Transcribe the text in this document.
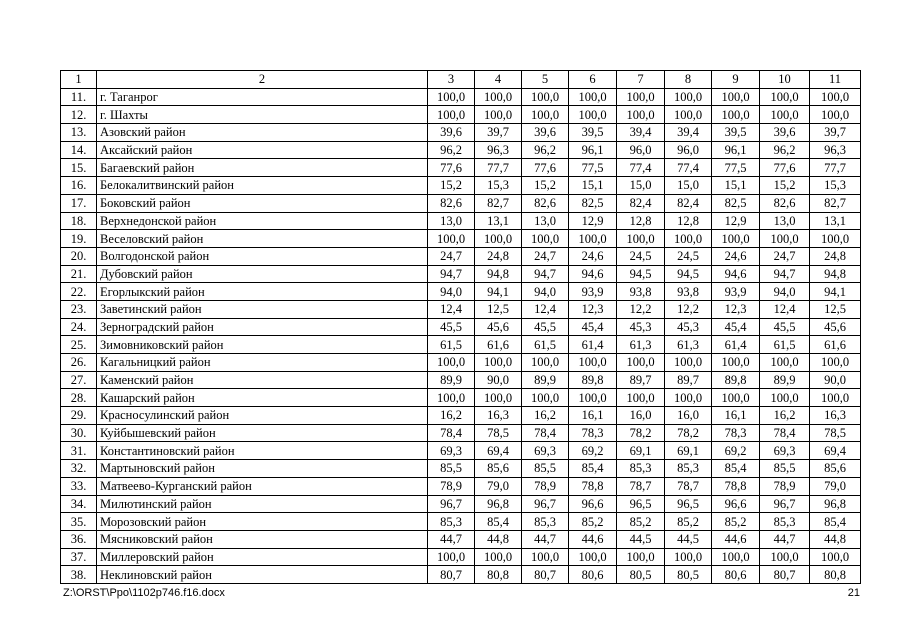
1	2	3	4	5	6	7	8	9	10	11
11.	г. Таганрог	100,0	100,0	100,0	100,0	100,0	100,0	100,0	100,0	100,0
12.	г. Шахты	100,0	100,0	100,0	100,0	100,0	100,0	100,0	100,0	100,0
13.	Азовский район	39,6	39,7	39,6	39,5	39,4	39,4	39,5	39,6	39,7
14.	Аксайский район	96,2	96,3	96,2	96,1	96,0	96,0	96,1	96,2	96,3
15.	Багаевский район	77,6	77,7	77,6	77,5	77,4	77,4	77,5	77,6	77,7
16.	Белокалитвинский район	15,2	15,3	15,2	15,1	15,0	15,0	15,1	15,2	15,3
17.	Боковский район	82,6	82,7	82,6	82,5	82,4	82,4	82,5	82,6	82,7
18.	Верхнедонской район	13,0	13,1	13,0	12,9	12,8	12,8	12,9	13,0	13,1
19.	Веселовский район	100,0	100,0	100,0	100,0	100,0	100,0	100,0	100,0	100,0
20.	Волгодонской район	24,7	24,8	24,7	24,6	24,5	24,5	24,6	24,7	24,8
21.	Дубовский район	94,7	94,8	94,7	94,6	94,5	94,5	94,6	94,7	94,8
22.	Егорлыкский район	94,0	94,1	94,0	93,9	93,8	93,8	93,9	94,0	94,1
23.	Заветинский район	12,4	12,5	12,4	12,3	12,2	12,2	12,3	12,4	12,5
24.	Зерноградский район	45,5	45,6	45,5	45,4	45,3	45,3	45,4	45,5	45,6
25.	Зимовниковский район	61,5	61,6	61,5	61,4	61,3	61,3	61,4	61,5	61,6
26.	Кагальницкий район	100,0	100,0	100,0	100,0	100,0	100,0	100,0	100,0	100,0
27.	Каменский район	89,9	90,0	89,9	89,8	89,7	89,7	89,8	89,9	90,0
28.	Кашарский район	100,0	100,0	100,0	100,0	100,0	100,0	100,0	100,0	100,0
29.	Красносулинский район	16,2	16,3	16,2	16,1	16,0	16,0	16,1	16,2	16,3
30.	Куйбышевский район	78,4	78,5	78,4	78,3	78,2	78,2	78,3	78,4	78,5
31.	Константиновский район	69,3	69,4	69,3	69,2	69,1	69,1	69,2	69,3	69,4
32.	Мартыновский район	85,5	85,6	85,5	85,4	85,3	85,3	85,4	85,5	85,6
33.	Матвеево-Курганский район	78,9	79,0	78,9	78,8	78,7	78,7	78,8	78,9	79,0
34.	Милютинский район	96,7	96,8	96,7	96,6	96,5	96,5	96,6	96,7	96,8
35.	Морозовский район	85,3	85,4	85,3	85,2	85,2	85,2	85,2	85,3	85,4
36.	Мясниковский район	44,7	44,8	44,7	44,6	44,5	44,5	44,6	44,7	44,8
37.	Миллеровский район	100,0	100,0	100,0	100,0	100,0	100,0	100,0	100,0	100,0
38.	Неклиновский район	80,7	80,8	80,7	80,6	80,5	80,5	80,6	80,7	80,8
Z:\ORST\Ppo\1102p746.f16.docx	21
